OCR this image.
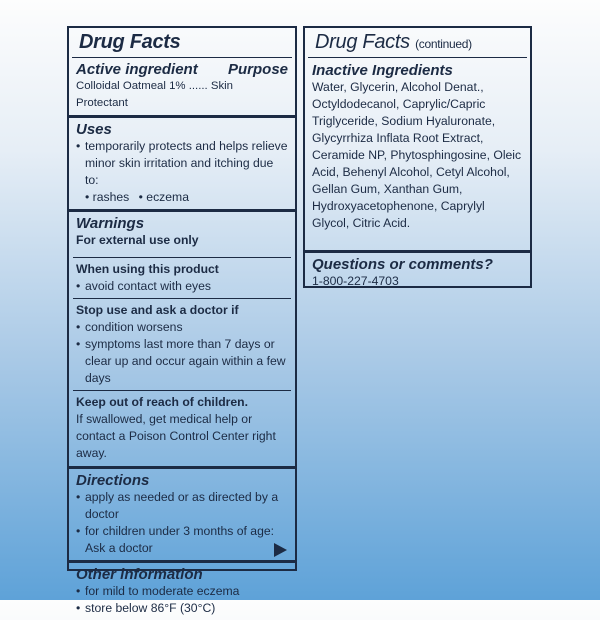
Drug Facts
Active ingredient Purpose
Colloidal Oatmeal 1% ...... Skin Protectant
Uses
• temporarily protects and helps relieve minor skin irritation and itching due to:
• rashes • eczema
Warnings
For external use only
When using this product
• avoid contact with eyes
Stop use and ask a doctor if
• condition worsens
• symptoms last more than 7 days or clear up and occur again within a few days
Keep out of reach of children.
If swallowed, get medical help or contact a Poison Control Center right away.
Directions
• apply as needed or as directed by a doctor
• for children under 3 months of age: Ask a doctor
Other information
• for mild to moderate eczema
• store below 86°F (30°C)
Drug Facts (continued)
Inactive Ingredients
Water, Glycerin, Alcohol Denat., Octyldodecanol, Caprylic/Capric Triglyceride, Sodium Hyaluronate, Glycyrrhiza Inflata Root Extract, Ceramide NP, Phytosphingosine, Oleic Acid, Behenyl Alcohol, Cetyl Alcohol, Gellan Gum, Xanthan Gum, Hydroxyacetophenone, Caprylyl Glycol, Citric Acid.
Questions or comments?
1-800-227-4703
